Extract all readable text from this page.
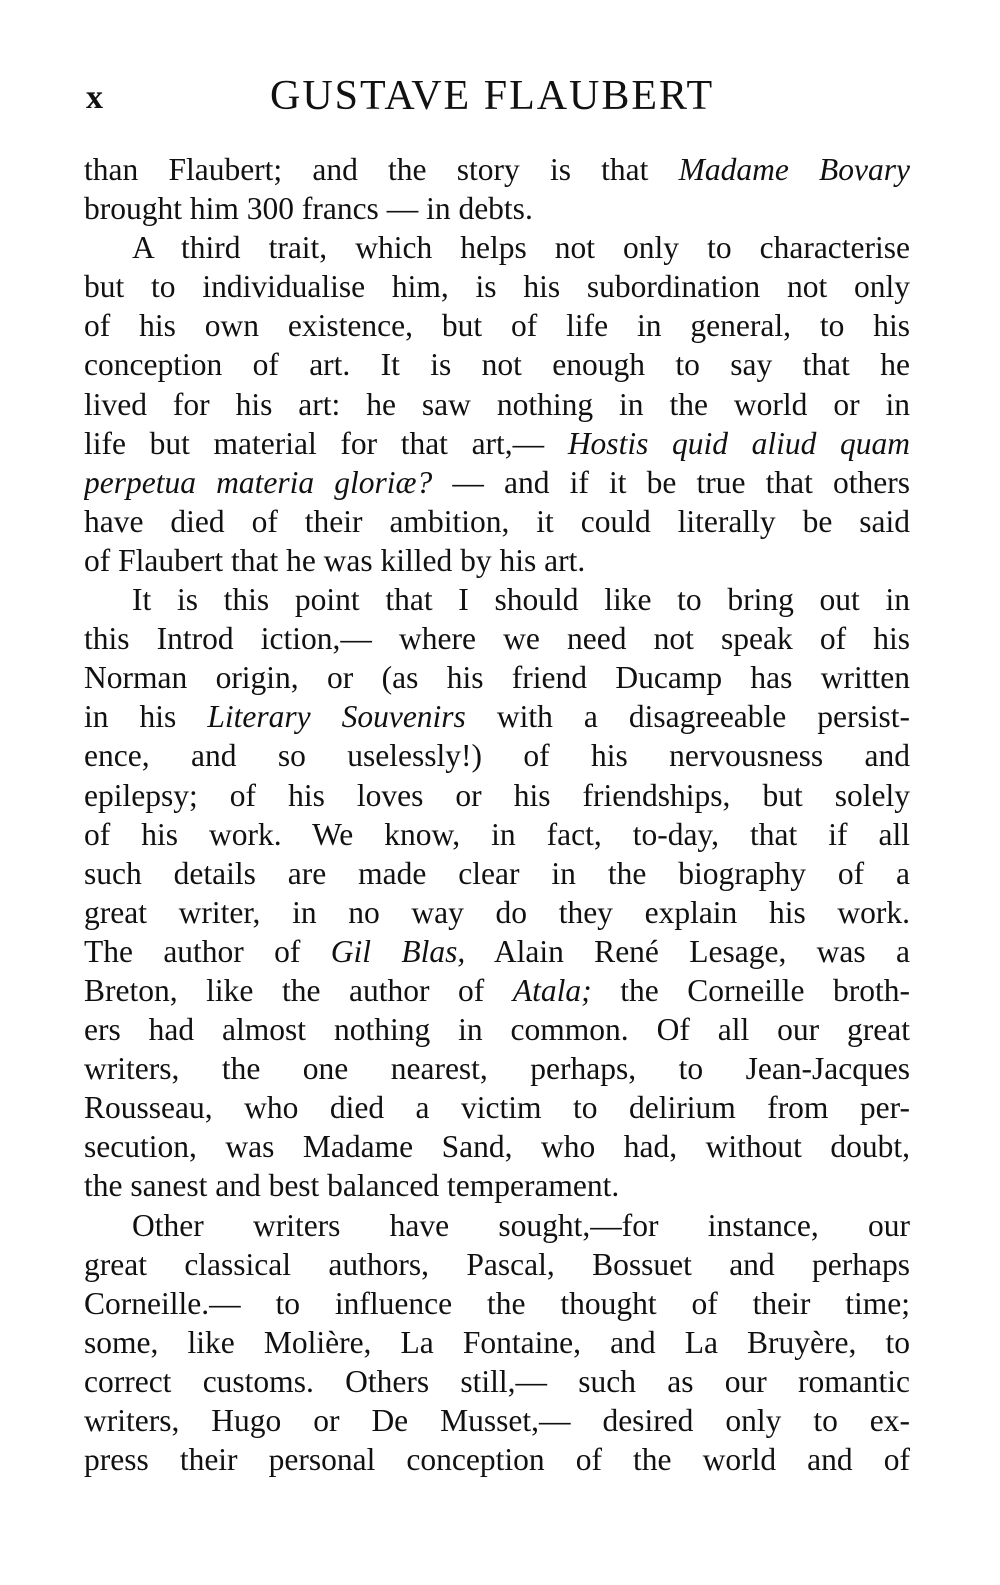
x	GUSTAVE FLAUBERT
than Flaubert; and the story is that Madame Bovary
brought him 300 francs — in debts.
A third trait, which helps not only to characterise
but to individualise him, is his subordination not only
of his own existence, but of life in general, to his
conception of art. It is not enough to say that he
lived for his art: he saw nothing in the world or in
life but material for that art,— Hostis quid aliud quam
perpetua materia gloriæ? — and if it be true that others
have died of their ambition, it could literally be said
of Flaubert that he was killed by his art.
It is this point that I should like to bring out in
this Introd iction,— where we need not speak of his
Norman origin, or (as his friend Ducamp has written
in his Literary Souvenirs with a disagreeable persist-
ence, and so uselessly!) of his nervousness and
epilepsy; of his loves or his friendships, but solely
of his work. We know, in fact, to-day, that if all
such details are made clear in the biography of a
great writer, in no way do they explain his work.
The author of Gil Blas, Alain René Lesage, was a
Breton, like the author of Atala; the Corneille broth-
ers had almost nothing in common. Of all our great
writers, the one nearest, perhaps, to Jean-Jacques
Rousseau, who died a victim to delirium from per-
secution, was Madame Sand, who had, without doubt,
the sanest and best balanced temperament.
Other writers have sought,—for instance, our
great classical authors, Pascal, Bossuet and perhaps
Corneille.— to influence the thought of their time;
some, like Molière, La Fontaine, and La Bruyère, to
correct customs. Others still,— such as our romantic
writers, Hugo or De Musset,— desired only to ex-
press their personal conception of the world and of
